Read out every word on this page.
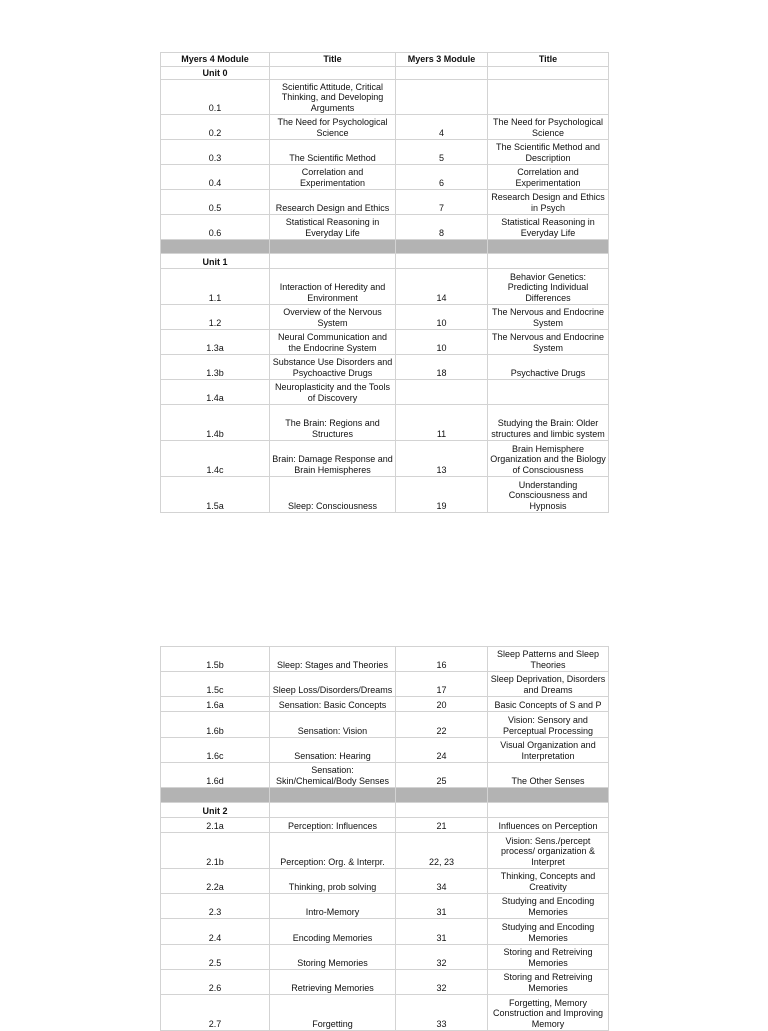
Myers 4 Module	Title	Myers 3 Module	Title
Unit 0			
0.1	Scientific Attitude, Critical Thinking, and Developing Arguments		
0.2	The Need for Psychological Science	4	The Need for Psychological Science
0.3	The Scientific Method	5	The Scientific Method and Description
0.4	Correlation and Experimentation	6	Correlation and Experimentation
0.5	Research Design and Ethics	7	Research Design and Ethics in Psych
0.6	Statistical Reasoning in Everyday Life	8	Statistical Reasoning in Everyday Life

Unit 1			
1.1	Interaction of Heredity and Environment	14	Behavior Genetics: Predicting Individual Differences
1.2	Overview of the Nervous System	10	The Nervous and Endocrine System
1.3a	Neural Communication and the Endocrine System	10	The Nervous and Endocrine System
1.3b	Substance Use Disorders and Psychoactive Drugs	18	Psychactive Drugs
1.4a	Neuroplasticity and the Tools of Discovery		
1.4b	The Brain: Regions and Structures	11	Studying the Brain: Older structures and limbic system
1.4c	Brain: Damage Response and Brain Hemispheres	13	Brain Hemisphere Organization and the Biology of Consciousness
1.5a	Sleep: Consciousness	19	Understanding Consciousness and Hypnosis
1.5b	Sleep: Stages and Theories	16	Sleep Patterns and Sleep Theories
1.5c	Sleep Loss/Disorders/Dreams	17	Sleep Deprivation, Disorders and Dreams
1.6a	Sensation: Basic Concepts	20	Basic Concepts of S and P
1.6b	Sensation: Vision	22	Vision: Sensory and Perceptual Processing
1.6c	Sensation: Hearing	24	Visual Organization and Interpretation
1.6d	Sensation: Skin/Chemical/Body Senses	25	The Other Senses

Unit 2			
2.1a	Perception: Influences	21	Influences on Perception
2.1b	Perception: Org. & Interpr.	22, 23	Vision: Sens./percept process/ organization & Interpret
2.2a	Thinking, prob solving	34	Thinking, Concepts and Creativity
2.3	Intro-Memory	31	Studying and Encoding Memories
2.4	Encoding Memories	31	Studying and Encoding Memories
2.5	Storing Memories	32	Storing and Retreiving Memories
2.6	Retrieving Memories	32	Storing and Retreiving Memories
2.7	Forgetting	33	Forgetting, Memory Construction and Improving Memory
